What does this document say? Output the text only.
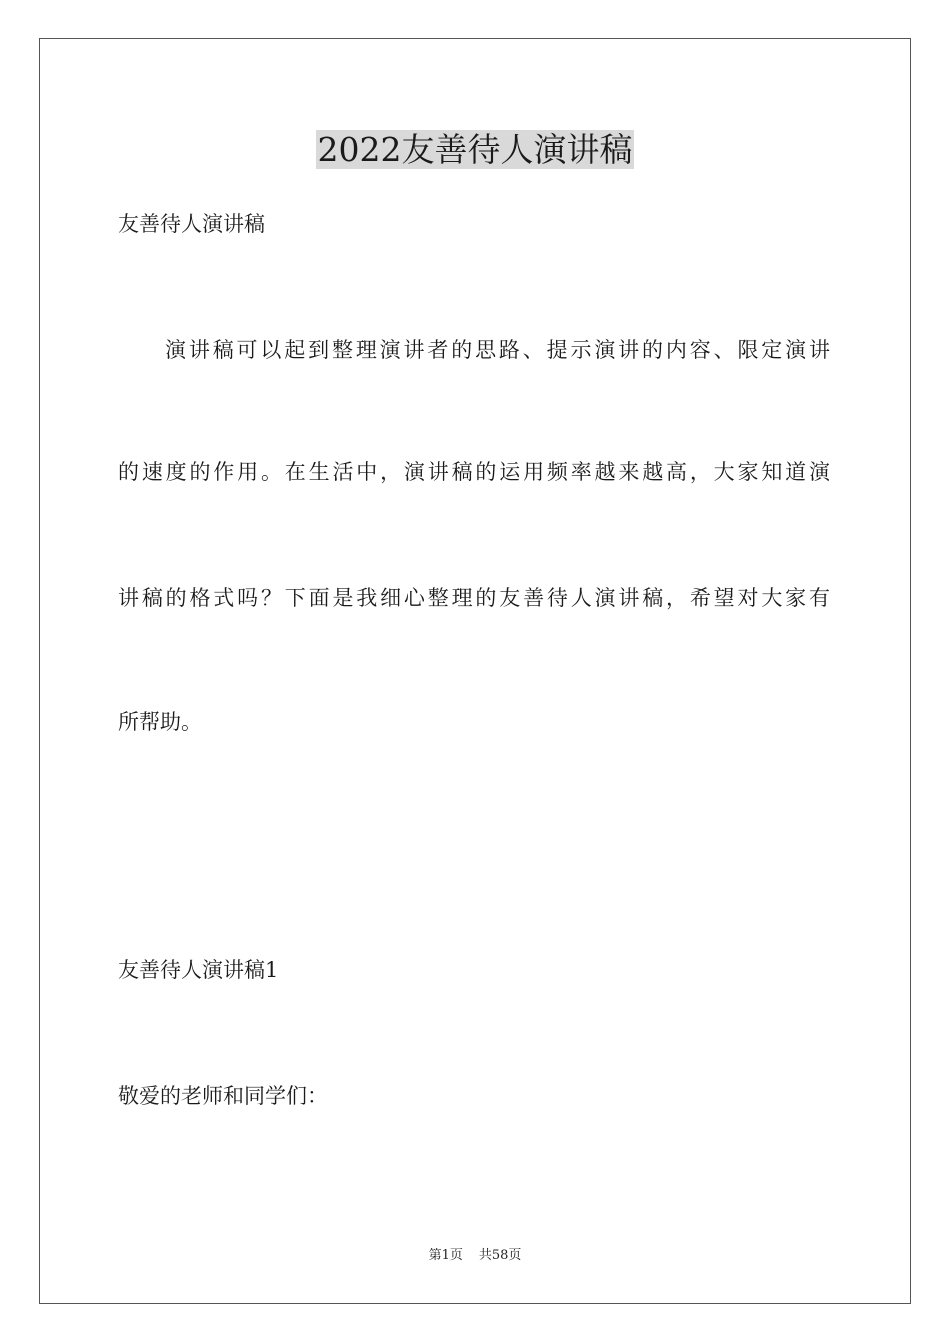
2022友善待人演讲稿
友善待人演讲稿
演讲稿可以起到整理演讲者的思路、提示演讲的内容、限定演讲
的速度的作用。在生活中，演讲稿的运用频率越来越高，大家知道演
讲稿的格式吗？下面是我细心整理的友善待人演讲稿，希望对大家有
所帮助。
友善待人演讲稿1
敬爱的老师和同学们：
第1页 共58页
